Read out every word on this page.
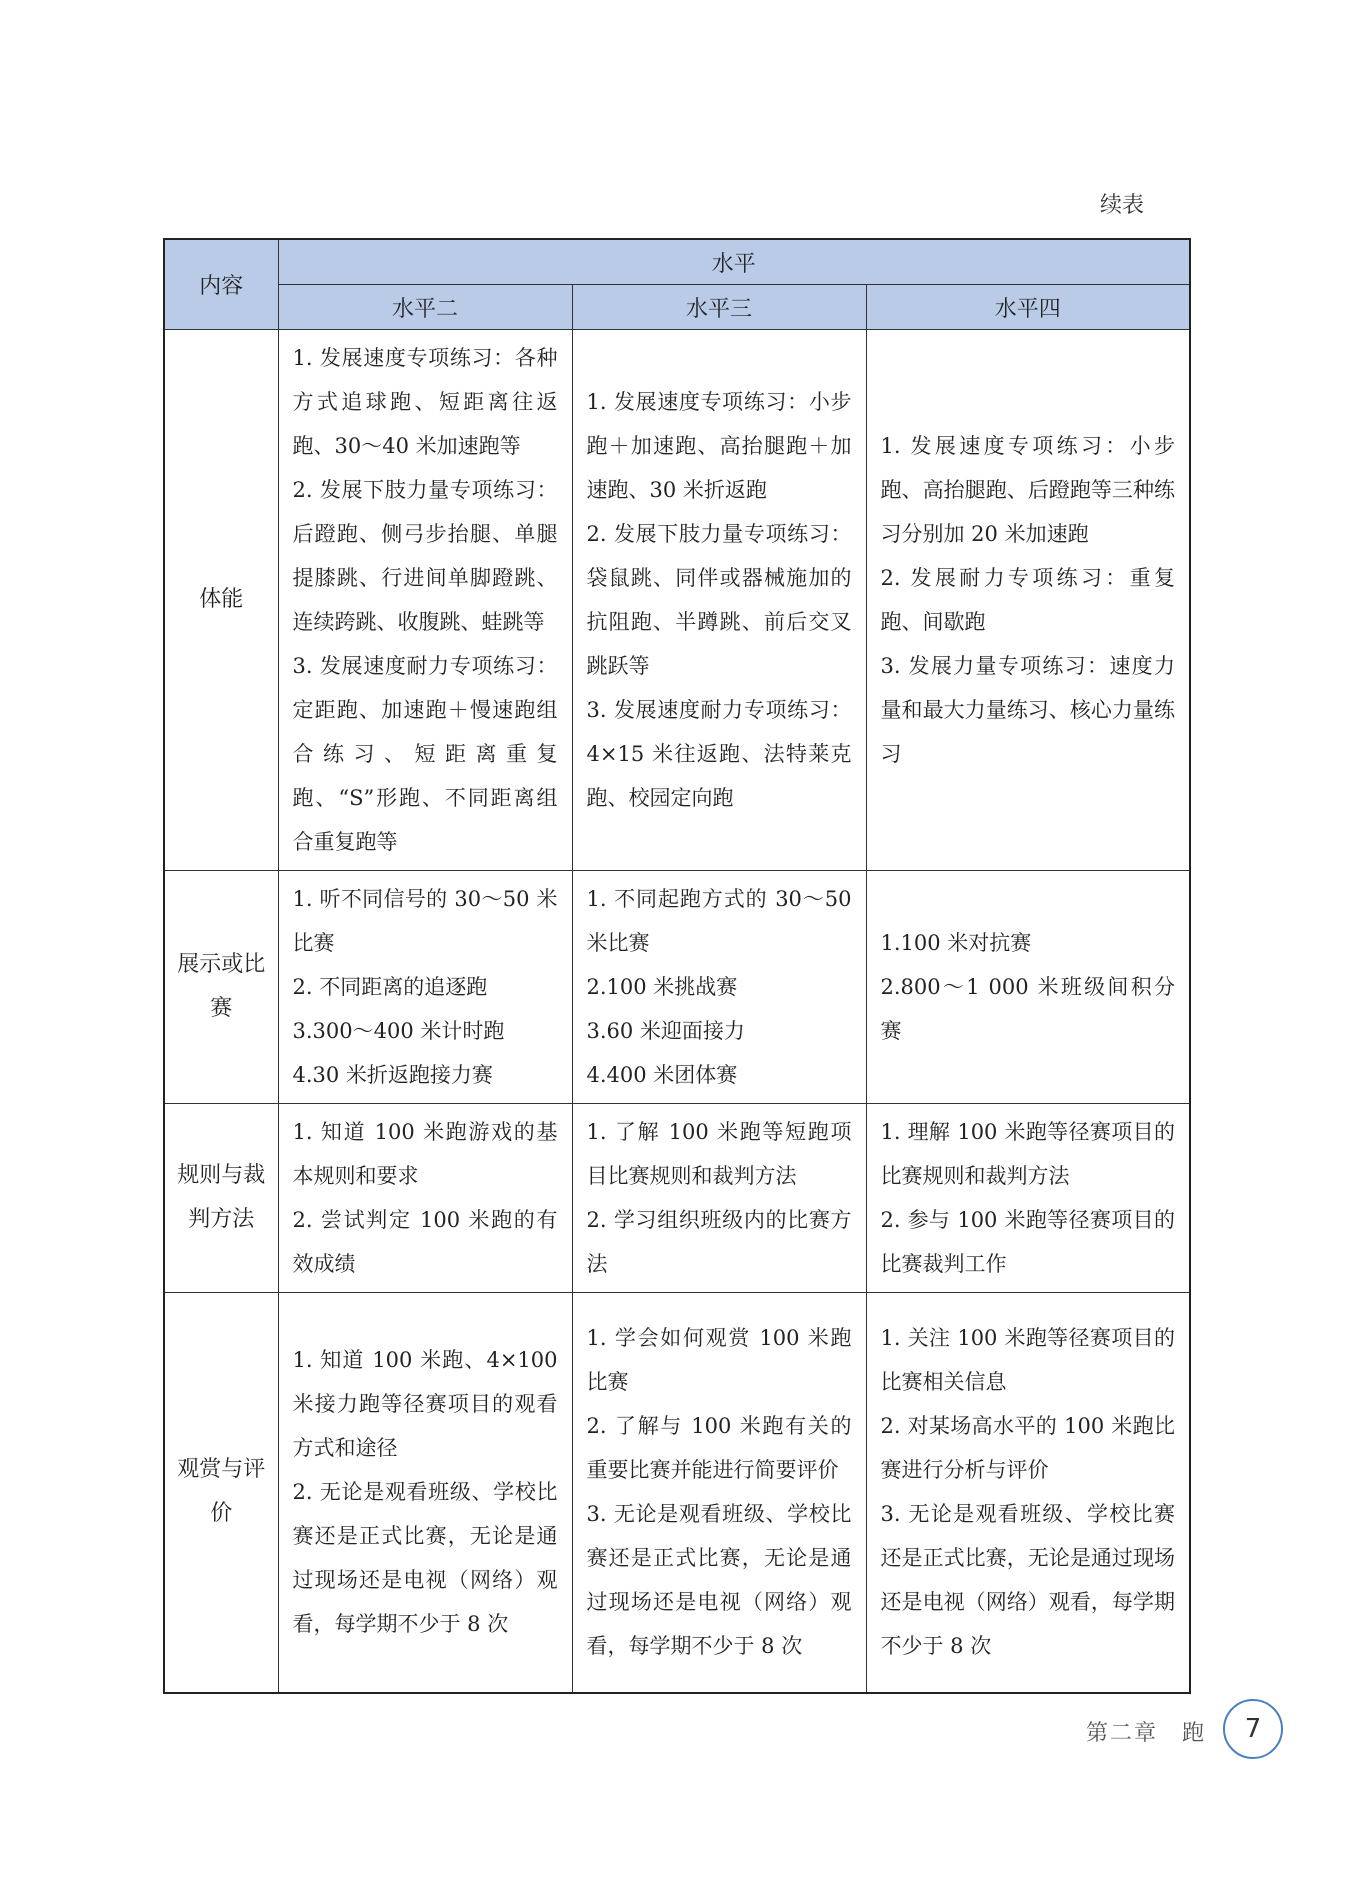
续表
内容	水平		
	水平二	水平三	水平四
体能	1. 发展速度专项练习：各种方式追球跑、短距离往返跑、30～40 米加速跑等
2. 发展下肢力量专项练习：后蹬跑、侧弓步抬腿、单腿提膝跳、行进间单脚蹬跳、连续跨跳、收腹跳、蛙跳等
3. 发展速度耐力专项练习：定距跑、加速跑＋慢速跑组合练习、短距离重复跑、“S”形跑、不同距离组合重复跑等	1. 发展速度专项练习：小步跑＋加速跑、高抬腿跑＋加速跑、30 米折返跑
2. 发展下肢力量专项练习：袋鼠跳、同伴或器械施加的抗阻跑、半蹲跳、前后交叉跳跃等
3. 发展速度耐力专项练习：4×15 米往返跑、法特莱克跑、校园定向跑	1. 发展速度专项练习：小步跑、高抬腿跑、后蹬跑等三种练习分别加 20 米加速跑
2. 发展耐力专项练习：重复跑、间歇跑
3. 发展力量专项练习：速度力量和最大力量练习、核心力量练习

展示或比赛	1. 听不同信号的 30～50 米比赛
2. 不同距离的追逐跑
3.300～400 米计时跑
4.30 米折返跑接力赛	1. 不同起跑方式的 30～50 米比赛
2.100 米挑战赛
3.60 米迎面接力
4.400 米团体赛	1.100 米对抗赛
2.800～1 000 米班级间积分赛

规则与裁判方法	1. 知道 100 米跑游戏的基本规则和要求
2. 尝试判定 100 米跑的有效成绩	1. 了解 100 米跑等短跑项目比赛规则和裁判方法
2. 学习组织班级内的比赛方法	1. 理解 100 米跑等径赛项目的比赛规则和裁判方法
2. 参与 100 米跑等径赛项目的比赛裁判工作

观赏与评价	1. 知道 100 米跑、4×100 米接力跑等径赛项目的观看方式和途径
2. 无论是观看班级、学校比赛还是正式比赛，无论是通过现场还是电视（网络）观看，每学期不少于 8 次	1. 学会如何观赏 100 米跑比赛
2. 了解与 100 米跑有关的重要比赛并能进行简要评价
3. 无论是观看班级、学校比赛还是正式比赛，无论是通过现场还是电视（网络）观看，每学期不少于 8 次	1. 关注 100 米跑等径赛项目的比赛相关信息
2. 对某场高水平的 100 米跑比赛进行分析与评价
3. 无论是观看班级、学校比赛还是正式比赛，无论是通过现场还是电视（网络）观看，每学期不少于 8 次
第二章　跑 7
